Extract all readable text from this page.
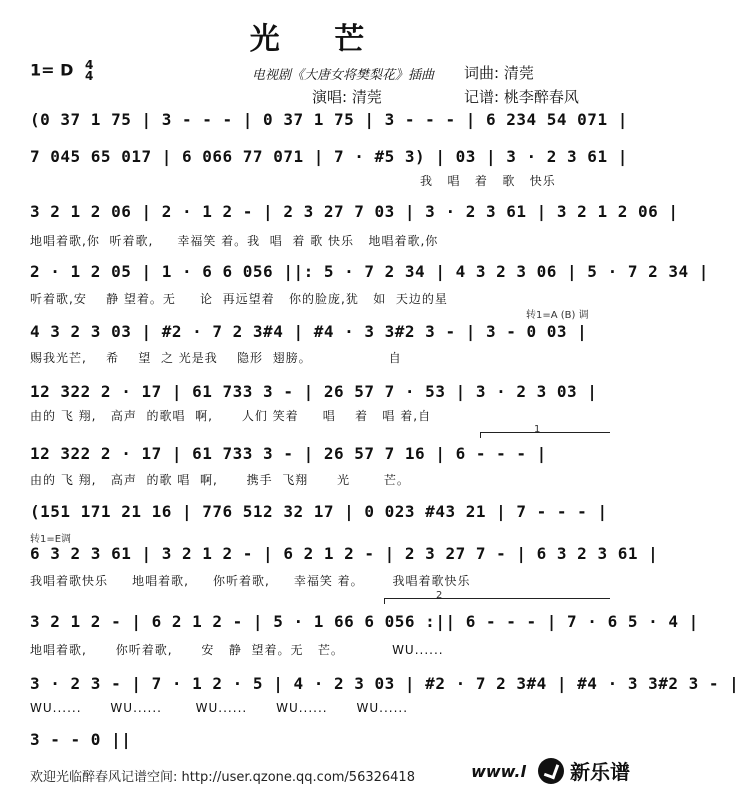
光 芒
1= D 4
4	电视剧《大唐女将樊梨花》插曲 词曲: 清莞
演唱: 清莞	记谱: 桃李醉春风
(0 37 1 75 | 3 - - - | 0 37 1 75 | 3 - - - | 6 234 54 071 |
7 045 65 017 | 6 066 77 071 | 7 · #5 3) | 03 | 3 · 2 3 61 |
我   唱   着   歌   快乐
3 2 1 2 06 | 2 · 1 2 - | 2 3 27 7 03 | 3 · 2 3 61 | 3 2 1 2 06 |
地唱着歌,你  听着歌,     幸福笑 着。我  唱  着 歌 快乐   地唱着歌,你
2 · 1 2 05 | 1 · 6 6 056 ||: 5 · 7 2 34 | 4 3 2 3 06 | 5 · 7 2 34 |
听着歌,安    静 望着。无     论  再远望着   你的脸庞,犹   如  天边的星
转1=A (B) 调
4 3 2 3 03 | #2 · 7 2 3#4 | #4 · 3 3#2 3 - | 3 - 0 03 |
赐我光芒,    希    望  之 光是我    隐形  翅膀。                自
12 322 2 · 17 | 61 733 3 - | 26 57 7 · 53 | 3 · 2 3 03 |
由的 飞 翔,   高声  的歌唱  啊,      人们 笑着     唱    着   唱 着,自
1
12 322 2 · 17 | 61 733 3 - | 26 57 7 16 | 6 - - - |
由的 飞 翔,   高声  的歌 唱  啊,      携手  飞翔      光       芒。
(151 171 21 16 | 776 512 32 17 | 0 023 #43 21 | 7 - - - |
转1=E调
6 3 2 3 61 | 3 2 1 2 - | 6 2 1 2 - | 2 3 27 7 - | 6 3 2 3 61 |
我唱着歌快乐     地唱着歌,     你听着歌,     幸福笑 着。      我唱着歌快乐
2
3 2 1 2 - | 6 2 1 2 - | 5 · 1 66 6 056 :|| 6 - - - | 7 · 6 5 · 4 |
地唱着歌,      你听着歌,      安   静  望着。无   芒。          WU......
3 · 2 3 - | 7 · 1 2 · 5 | 4 · 2 3 03 | #2 · 7 2 3#4 | #4 · 3 3#2 3 - |
WU......      WU......       WU......      WU......      WU......
3 - - 0 ||
欢迎光临醉春风记谱空间: http://user.qzone.qq.com/56326418	www.l 新乐谱
